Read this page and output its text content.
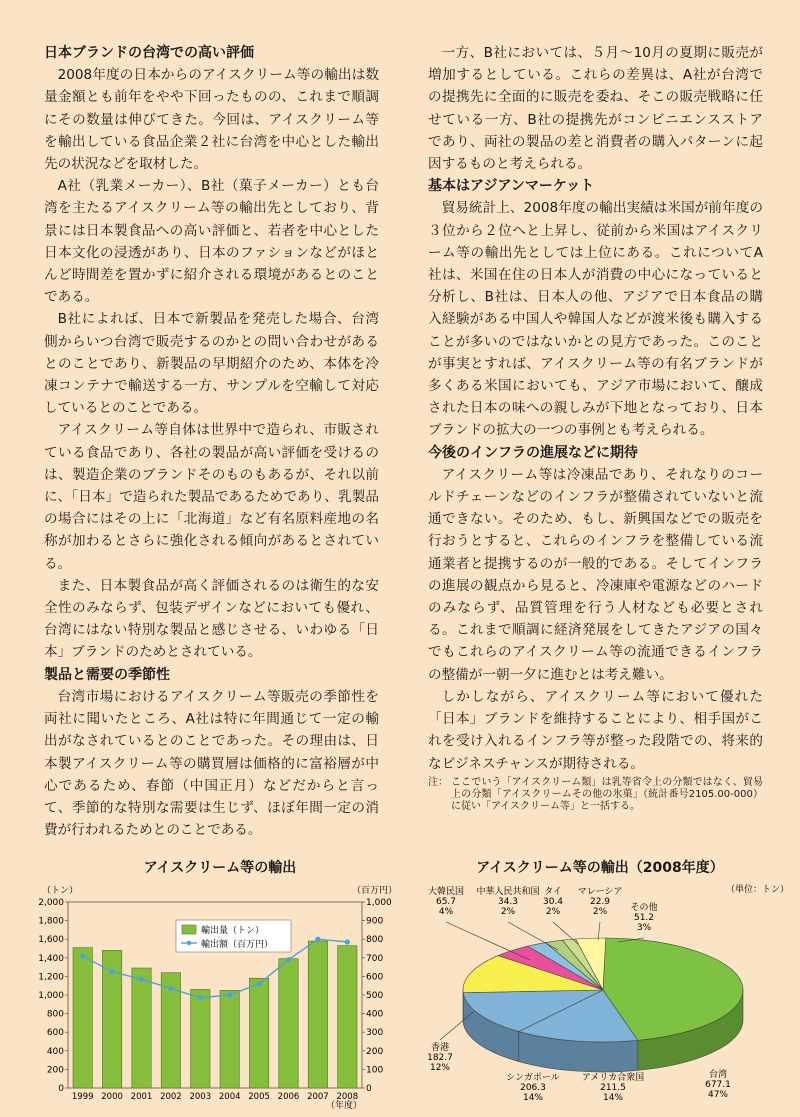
日本ブランドの台湾での高い評価
2008年度の日本からのアイスクリーム等の輸出は数量金額とも前年をやや下回ったものの、これまで順調にその数量は伸びてきた。今回は、アイスクリーム等を輸出している食品企業２社に台湾を中心とした輸出先の状況などを取材した。
A社（乳業メーカー）、B社（菓子メーカー）とも台湾を主たるアイスクリーム等の輸出先としており、背景には日本製食品への高い評価と、若者を中心とした日本文化の浸透があり、日本のファションなどがほとんど時間差を置かずに紹介される環境があるとのことである。
B社によれば、日本で新製品を発売した場合、台湾側からいつ台湾で販売するのかとの問い合わせがあるとのことであり、新製品の早期紹介のため、本体を冷凍コンテナで輸送する一方、サンプルを空輸して対応しているとのことである。
アイスクリーム等自体は世界中で造られ、市販されている食品であり、各社の製品が高い評価を受けるのは、製造企業のブランドそのものもあるが、それ以前に、「日本」で造られた製品であるためであり、乳製品の場合にはその上に「北海道」など有名原料産地の名称が加わるとさらに強化される傾向があるとされている。
また、日本製食品が高く評価されるのは衛生的な安全性のみならず、包装デザインなどにおいても優れ、台湾にはない特別な製品と感じさせる、いわゆる「日本」ブランドのためとされている。
製品と需要の季節性
台湾市場におけるアイスクリーム等販売の季節性を両社に聞いたところ、A社は特に年間通じて一定の輸出がなされているとのことであった。その理由は、日本製アイスクリーム等の購買層は価格的に富裕層が中心であるため、春節（中国正月）などだからと言って、季節的な特別な需要は生じず、ほぼ年間一定の消費が行われるためとのことである。
一方、B社においては、５月～10月の夏期に販売が増加するとしている。これらの差異は、A社が台湾での提携先に全面的に販売を委ね、そこの販売戦略に任せている一方、B社の提携先がコンビニエンスストアであり、両社の製品の差と消費者の購入パターンに起因するものと考えられる。
基本はアジアンマーケット
貿易統計上、2008年度の輸出実績は米国が前年度の３位から２位へと上昇し、従前から米国はアイスクリーム等の輸出先としては上位にある。これについてA社は、米国在住の日本人が消費の中心になっていると分析し、B社は、日本人の他、アジアで日本食品の購入経験がある中国人や韓国人などが渡米後も購入することが多いのではないかとの見方であった。このことが事実とすれば、アイスクリーム等の有名ブランドが多くある米国においても、アジア市場において、醸成された日本の味への親しみが下地となっており、日本ブランドの拡大の一つの事例とも考えられる。
今後のインフラの進展などに期待
アイスクリーム等は冷凍品であり、それなりのコールドチェーンなどのインフラが整備されていないと流通できない。そのため、もし、新興国などでの販売を行おうとすると、これらのインフラを整備している流通業者と提携するのが一般的である。そしてインフラの進展の観点から見ると、冷凍庫や電源などのハードのみならず、品質管理を行う人材なども必要とされる。これまで順調に経済発展をしてきたアジアの国々でもこれらのアイスクリーム等の流通できるインフラの整備が一朝一夕に進むとは考え難い。
しかしながら、アイスクリーム等において優れた「日本」ブランドを維持することにより、相手国がこれを受け入れるインフラ等が整った段階での、将来的なビジネスチャンスが期待される。
注： ここでいう「アイスクリーム類」は乳等省令上の分類ではなく、貿易上の分類「アイスクリームその他の氷菓」（統計番号2105.00-000）に従い「アイスクリーム等」と一括する。
アイスクリーム等の輸出
（トン）	（百万円）
0	0
200	100
400	200
600	300
800	400
1,000	500
1,200	600
1,400	700
1,600	800
1,800	900
2,000	1,000
1999 2000 2001 2002 2003 2004 2005 2006 2007 2008
（年度）
輸出量（トン）
輸出額（百万円）
アイスクリーム等の輸出（2008年度）
（単位：トン）
台湾
677.1
47%
アメリカ合衆国
211.5
14%
シンガポール
206.3
14%
香港
182.7
12%
大韓民国
65.7
4%
中華人民共和国
34.3
2%
タイ
30.4
2%
マレーシア
22.9
2%	その他
51.2
3%
